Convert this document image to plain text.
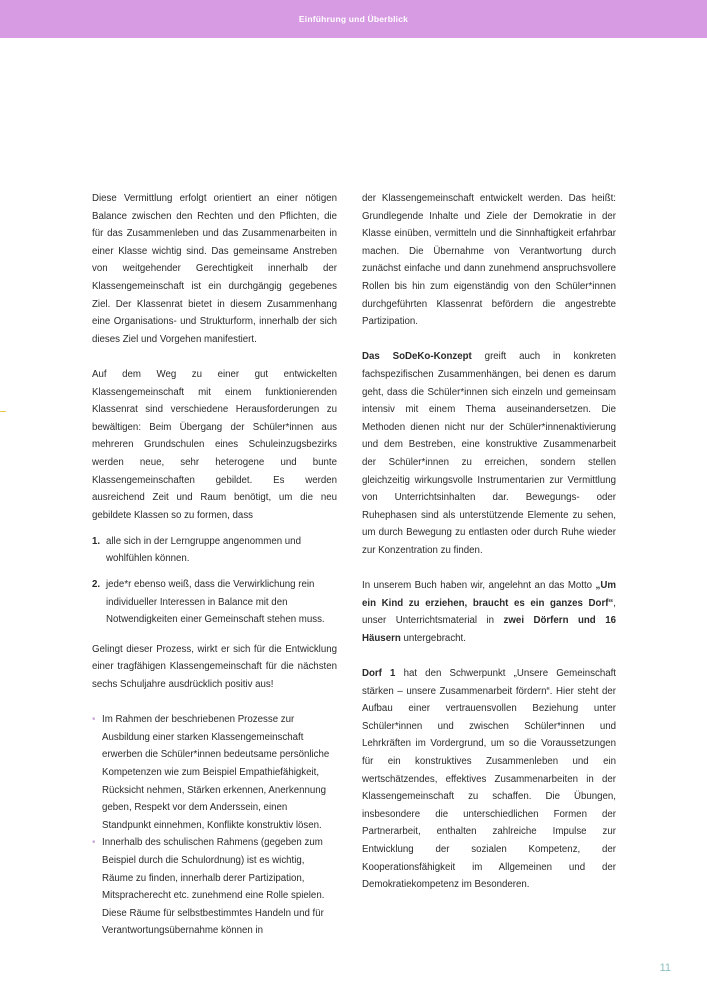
Einführung und Überblick

Diese Vermittlung erfolgt orientiert an einer nötigen Balance zwischen den Rechten und den Pflichten, die für das Zusammenleben und das Zusammenarbeiten in einer Klasse wichtig sind. Das gemeinsame Anstreben von weitgehender Gerechtigkeit innerhalb der Klassengemeinschaft ist ein durchgängig gegebenes Ziel. Der Klassenrat bietet in diesem Zusammenhang eine Organisations- und Strukturform, innerhalb der sich dieses Ziel und Vorgehen manifestiert.

Auf dem Weg zu einer gut entwickelten Klassengemeinschaft mit einem funktionierenden Klassenrat sind verschiedene Herausforderungen zu bewältigen: Beim Übergang der Schüler*innen aus mehreren Grundschulen eines Schuleinzugsbezirks werden neue, sehr heterogene und bunte Klassengemeinschaften gebildet. Es werden ausreichend Zeit und Raum benötigt, um die neu gebildete Klassen so zu formen, dass

1. alle sich in der Lerngruppe angenommen und wohlfühlen können.
2. jede*r ebenso weiß, dass die Verwirklichung rein individueller Interessen in Balance mit den Notwendigkeiten einer Gemeinschaft stehen muss.

Gelingt dieser Prozess, wirkt er sich für die Entwicklung einer tragfähigen Klassengemeinschaft für die nächsten sechs Schuljahre ausdrücklich positiv aus!

• Im Rahmen der beschriebenen Prozesse zur Ausbildung einer starken Klassengemeinschaft erwerben die Schüler*innen bedeutsame persönliche Kompetenzen wie zum Beispiel Empathiefähigkeit, Rücksicht nehmen, Stärken erkennen, Anerkennung geben, Respekt vor dem Anderssein, einen Standpunkt einnehmen, Konflikte konstruktiv lösen.
• Innerhalb des schulischen Rahmens (gegeben zum Beispiel durch die Schulordnung) ist es wichtig, Räume zu finden, innerhalb derer Partizipation, Mitspracherecht etc. zunehmend eine Rolle spielen. Diese Räume für selbstbestimmtes Handeln und für Verantwortungsübernahme können in

der Klassengemeinschaft entwickelt werden. Das heißt: Grundlegende Inhalte und Ziele der Demokratie in der Klasse einüben, vermitteln und die Sinnhaftigkeit erfahrbar machen. Die Übernahme von Verantwortung durch zunächst einfache und dann zunehmend anspruchsvollere Rollen bis hin zum eigenständig von den Schüler*innen durchgeführten Klassenrat befördern die angestrebte Partizipation.

Das SoDeKo-Konzept greift auch in konkreten fachspezifischen Zusammenhängen, bei denen es darum geht, dass die Schüler*innen sich einzeln und gemeinsam intensiv mit einem Thema auseinandersetzen. Die Methoden dienen nicht nur der Schüler*innenaktivierung und dem Bestreben, eine konstruktive Zusammenarbeit der Schüler*innen zu erreichen, sondern stellen gleichzeitig wirkungsvolle Instrumentarien zur Vermittlung von Unterrichtsinhalten dar. Bewegungs- oder Ruhephasen sind als unterstützende Elemente zu sehen, um durch Bewegung zu entlasten oder durch Ruhe wieder zur Konzentration zu finden.

In unserem Buch haben wir, angelehnt an das Motto „Um ein Kind zu erziehen, braucht es ein ganzes Dorf“, unser Unterrichtsmaterial in zwei Dörfern und 16 Häusern untergebracht.

Dorf 1 hat den Schwerpunkt „Unsere Gemeinschaft stärken – unsere Zusammenarbeit fördern“. Hier steht der Aufbau einer vertrauensvollen Beziehung unter Schüler*innen und zwischen Schüler*innen und Lehrkräften im Vordergrund, um so die Voraussetzungen für ein konstruktives Zusammenleben und ein wertschätzendes, effektives Zusammenarbeiten in der Klassengemeinschaft zu schaffen. Die Übungen, insbesondere die unterschiedlichen Formen der Partnerarbeit, enthalten zahlreiche Impulse zur Entwicklung der sozialen Kompetenz, der Kooperationsfähigkeit im Allgemeinen und der Demokratiekompetenz im Besonderen.

11
